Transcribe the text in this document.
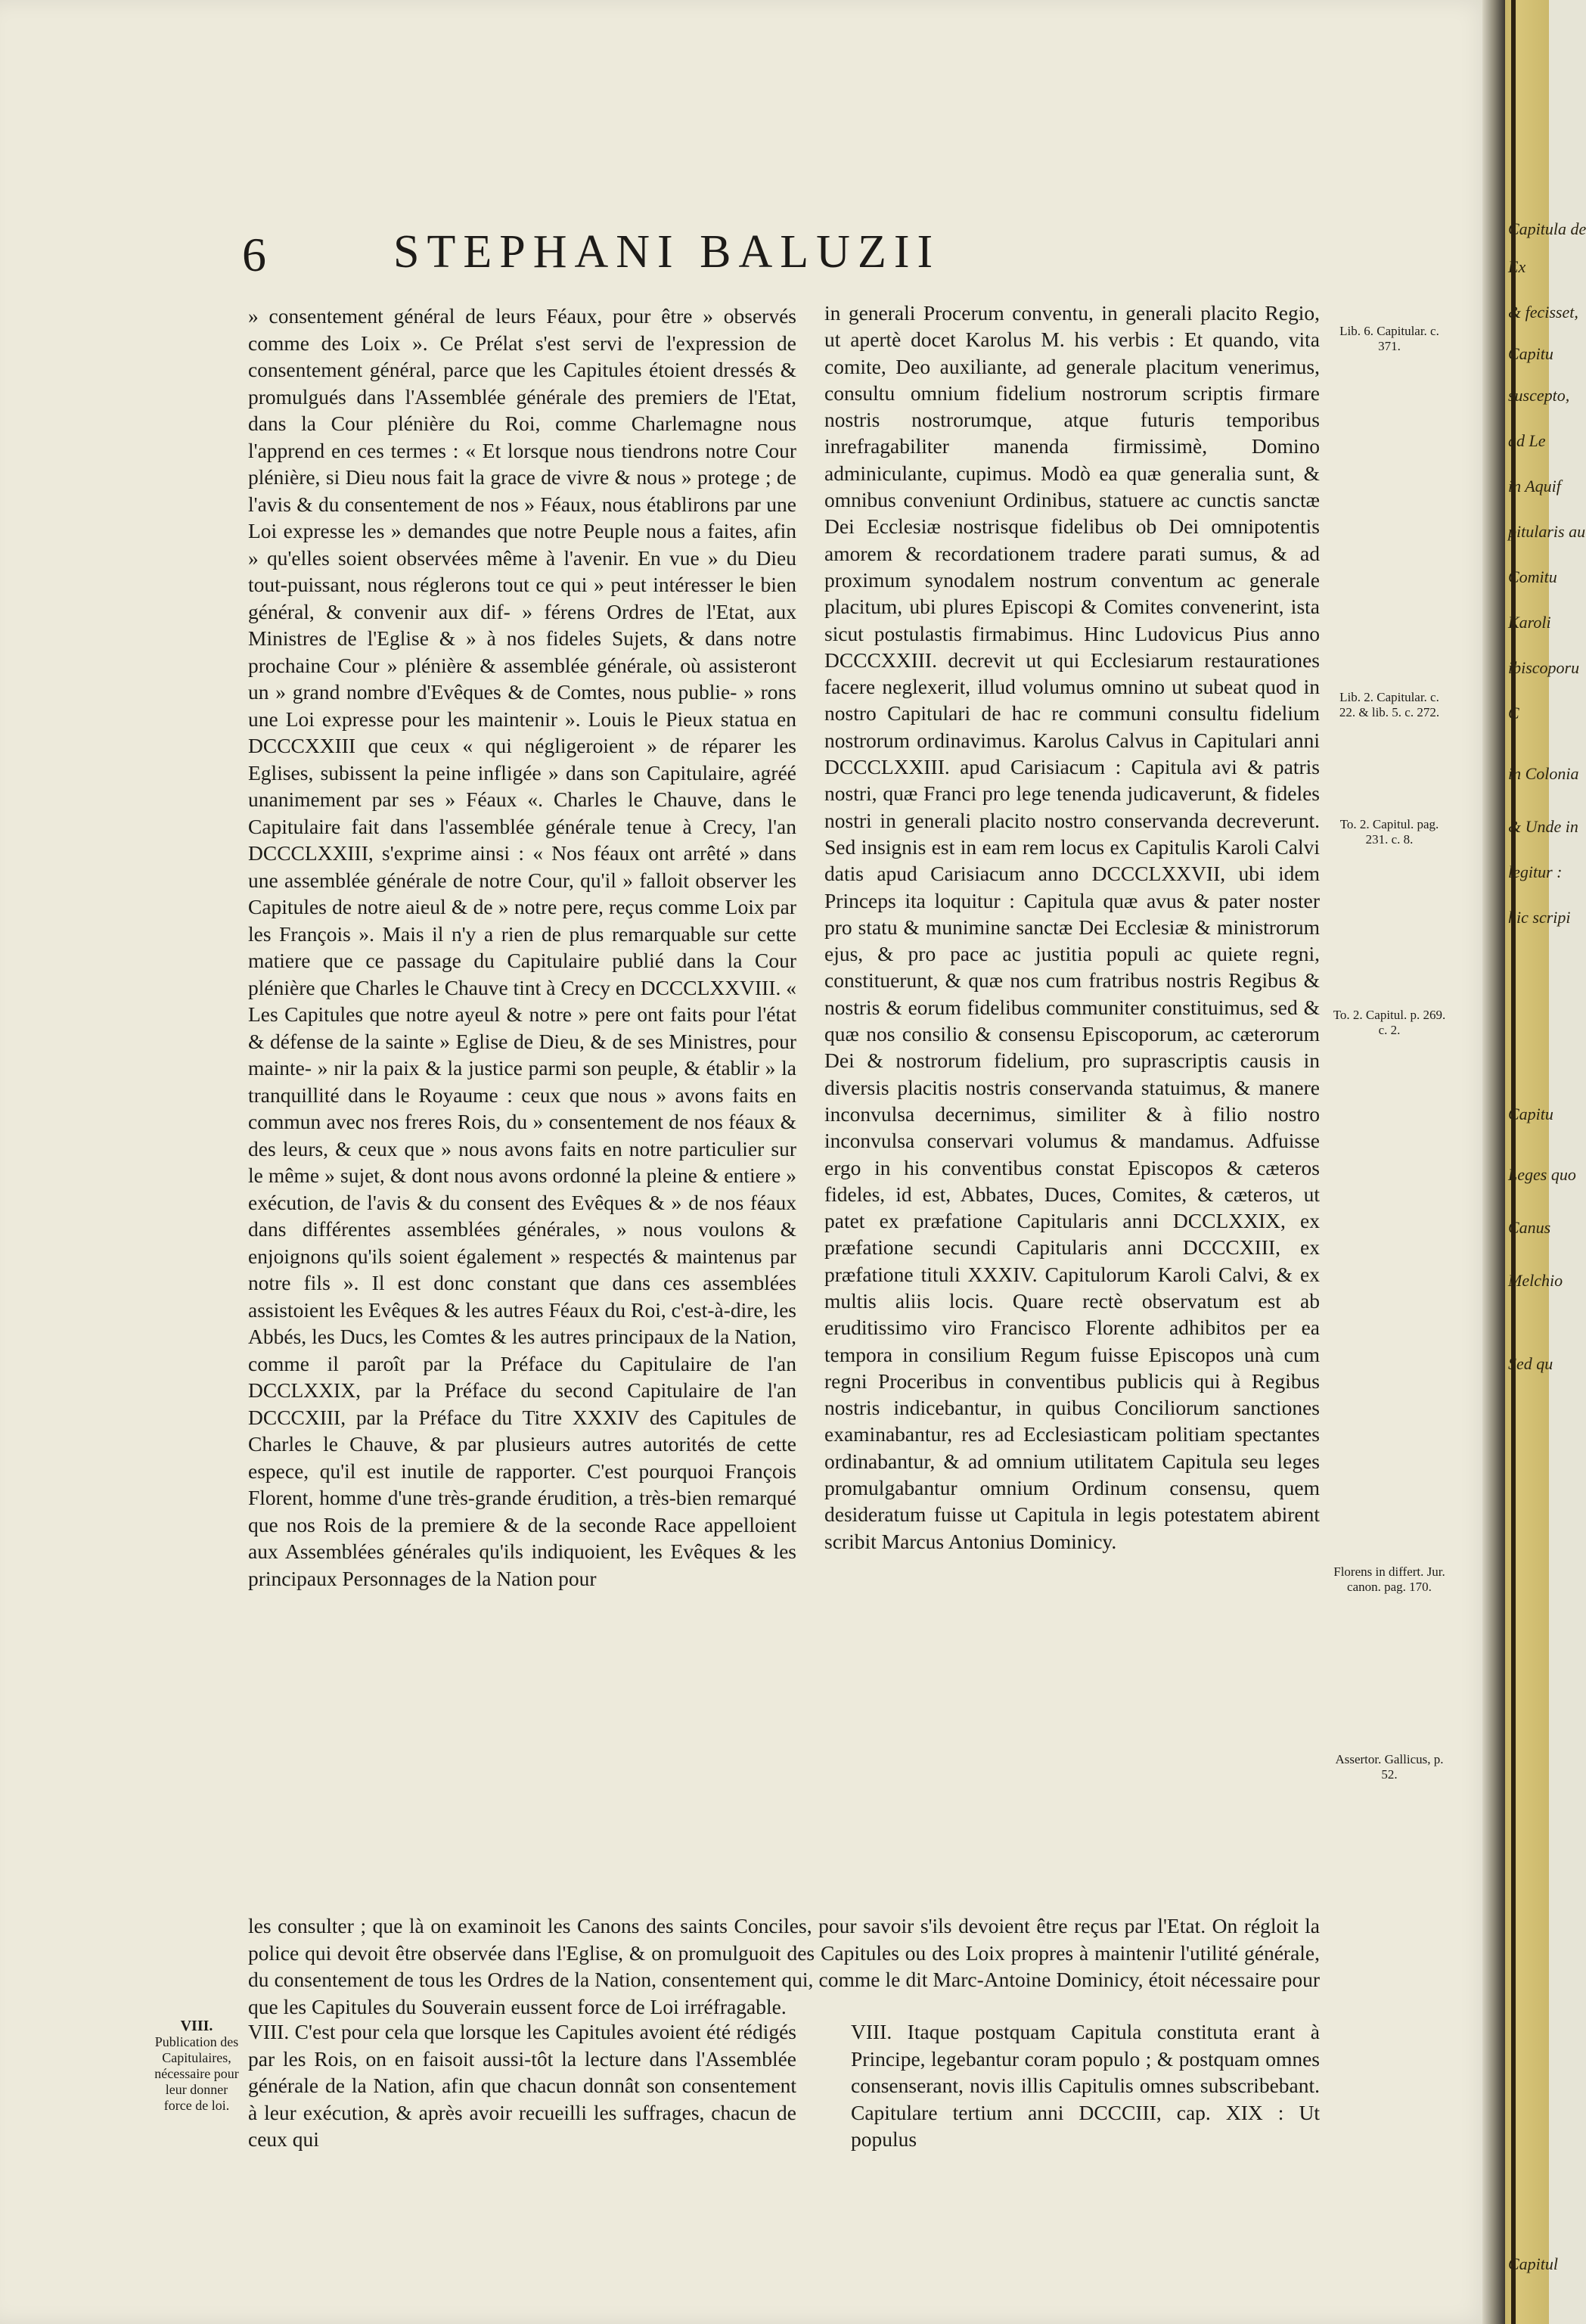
6	STEPHANI BALUZII

» consentement général de leurs Féaux, pour être » observés comme des Loix ». Ce Prélat s'est servi de l'expression de consentement général, parce que les Capitules étoient dressés & promulgués dans l'Assemblée générale des premiers de l'Etat, dans la Cour plénière du Roi, comme Charlemagne nous l'apprend en ces termes : « Et lorsque nous tiendrons notre Cour plénière, si Dieu nous fait la grace de vivre & nous » protege ; de l'avis & du consentement de nos » Féaux, nous établirons par une Loi expresse les » demandes que notre Peuple nous a faites, afin » qu'elles soient observées même à l'avenir. En vue » du Dieu tout-puissant, nous réglerons tout ce qui » peut intéresser le bien général, & convenir aux dif- » férens Ordres de l'Etat, aux Ministres de l'Eglise & » à nos fideles Sujets, & dans notre prochaine Cour » plénière & assemblée générale, où assisteront un » grand nombre d'Evêques & de Comtes, nous publie- » rons une Loi expresse pour les maintenir ». Louis le Pieux statua en DCCCXXIII que ceux « qui négligeroient » de réparer les Eglises, subissent la peine infligée » dans son Capitulaire, agréé unanimement par ses » Féaux «. Charles le Chauve, dans le Capitulaire fait dans l'assemblée générale tenue à Crecy, l'an DCCCLXXIII, s'exprime ainsi : « Nos féaux ont arrêté » dans une assemblée générale de notre Cour, qu'il » falloit observer les Capitules de notre aieul & de » notre pere, reçus comme Loix par les François ». Mais il n'y a rien de plus remarquable sur cette matiere que ce passage du Capitulaire publié dans la Cour plénière que Charles le Chauve tint à Crecy en DCCCLXXVIII. « Les Capitules que notre ayeul & notre » pere ont faits pour l'état & défense de la sainte » Eglise de Dieu, & de ses Ministres, pour mainte- » nir la paix & la justice parmi son peuple, & établir » la tranquillité dans le Royaume : ceux que nous » avons faits en commun avec nos freres Rois, du » consentement de nos féaux & des leurs, & ceux que » nous avons faits en notre particulier sur le même » sujet, & dont nous avons ordonné la pleine & entiere » exécution, de l'avis & du consent des Evêques & » de nos féaux dans différentes assemblées générales, » nous voulons & enjoignons qu'ils soient également » respectés & maintenus par notre fils ». Il est donc constant que dans ces assemblées assistoient les Evêques & les autres Féaux du Roi, c'est-à-dire, les Abbés, les Ducs, les Comtes & les autres principaux de la Nation, comme il paroît par la Préface du Capitulaire de l'an DCCLXXIX, par la Préface du second Capitulaire de l'an DCCCXIII, par la Préface du Titre XXXIV des Capitules de Charles le Chauve, & par plusieurs autres autorités de cette espece, qu'il est inutile de rapporter. C'est pourquoi François Florent, homme d'une très-grande érudition, a très-bien remarqué que nos Rois de la premiere & de la seconde Race appelloient aux Assemblées générales qu'ils indiquoient, les Evêques & les principaux Personnages de la Nation pour

in generali Procerum conventu, in generali placito Regio, ut apertè docet Karolus M. his verbis : Et quando, vita comite, Deo auxiliante, ad generale placitum venerimus, consultu omnium fidelium nostrorum scriptis firmare nostris nostrorumque, atque futuris temporibus inrefragabiliter manenda firmissimè, Domino adminiculante, cupimus. Modò ea quæ generalia sunt, & omnibus conveniunt Ordinibus, statuere ac cunctis sanctæ Dei Ecclesiæ nostrisque fidelibus ob Dei omnipotentis amorem & recordationem tradere parati sumus, & ad proximum synodalem nostrum conventum ac generale placitum, ubi plures Episcopi & Comites convenerint, ista sicut postulastis firmabimus. Hinc Ludovicus Pius anno DCCCXXIII. decrevit ut qui Ecclesiarum restaurationes facere neglexerit, illud volumus omnino ut subeat quod in nostro Capitulari de hac re communi consultu fidelium nostrorum ordinavimus. Karolus Calvus in Capitulari anni DCCCLXXIII. apud Carisiacum : Capitula avi & patris nostri, quæ Franci pro lege tenenda judicaverunt, & fideles nostri in generali placito nostro conservanda decreverunt. Sed insignis est in eam rem locus ex Capitulis Karoli Calvi datis apud Carisiacum anno DCCCLXXVII, ubi idem Princeps ita loquitur : Capitula quæ avus & pater noster pro statu & munimine sanctæ Dei Ecclesiæ & ministrorum ejus, & pro pace ac justitia populi ac quiete regni, constituerunt, & quæ nos cum fratribus nostris Regibus & nostris & eorum fidelibus communiter constituimus, sed & quæ nos consilio & consensu Episcoporum, ac cæterorum Dei & nostrorum fidelium, pro suprascriptis causis in diversis placitis nostris conservanda statuimus, & manere inconvulsa decernimus, similiter & à filio nostro inconvulsa conservari volumus & mandamus. Adfuisse ergo in his conventibus constat Episcopos & cæteros fideles, id est, Abbates, Duces, Comites, & cæteros, ut patet ex præfatione Capitularis anni DCCLXXIX, ex præfatione secundi Capitularis anni DCCCXIII, ex præfatione tituli XXXIV. Capitulorum Karoli Calvi, & ex multis aliis locis. Quare rectè observatum est ab eruditissimo viro Francisco Florente adhibitos per ea tempora in consilium Regum fuisse Episcopos unà cum regni Proceribus in conventibus publicis qui à Regibus nostris indicebantur, in quibus Conciliorum sanctiones examinabantur, res ad Ecclesiasticam politiam spectantes ordinabantur, & ad omnium utilitatem Capitula seu leges promulgabantur omnium Ordinum consensu, quem desideratum fuisse ut Capitula in legis potestatem abirent scribit Marcus Antonius Dominicy.

les consulter ; que là on examinoit les Canons des saints Conciles, pour savoir s'ils devoient être reçus par l'Etat. On régloit la police qui devoit être observée dans l'Eglise, & on promulguoit des Capitules ou des Loix propres à maintenir l'utilité générale, du consentement de tous les Ordres de la Nation, consentement qui, comme le dit Marc-Antoine Dominicy, étoit nécessaire pour que les Capitules du Souverain eussent force de Loi irréfragable.
VIII. C'est pour cela que lorsque les Capitules avoient été rédigés par les Rois, on en faisoit aussi-tôt la lecture dans l'Assemblée générale de la Nation, afin que chacun donnât son consentement à leur exécution, & après avoir recueilli les suffrages, chacun de ceux qui
VIII. Itaque postquam Capitula constituta erant à Principe, legebantur coram populo ; & postquam omnes consenserant, novis illis Capitulis omnes subscribebant. Capitulare tertium anni DCCCIII, cap. XIX : Ut populus
VIII.
Publication des Capitulaires, nécessaire pour leur donner force de loi.
Lib. 6. Capitular. c. 371.
Lib. 2. Capitular. c. 22. & lib. 5. c. 272.
To. 2. Capitul. pag. 231. c. 8.
To. 2. Capitul. p. 269. c. 2.
Florens in differt. Jur. canon. pag. 170.
Assertor. Gallicus, p. 52.
Capitula de
Ex
& fecisset,
Capitu
suscepto,
ad Le
in Aquif
pitularis au
Comitu
Karoli
ibiscoporu
C
in Colonia
& Unde in
legitur :
hic scripi
Capitu
Leges quo
Canus
Melchio
Sed qu
Capitul
